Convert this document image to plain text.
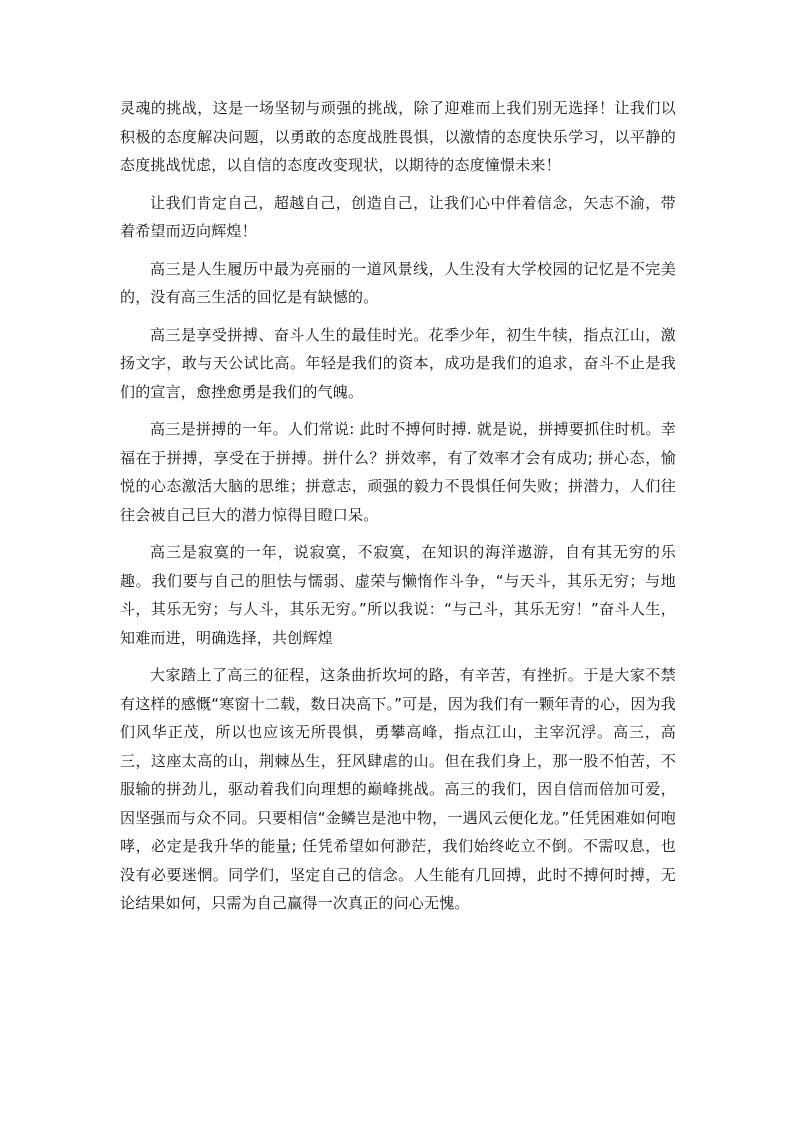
灵魂的挑战，这是一场坚韧与顽强的挑战，除了迎难而上我们别无选择！让我们以积极的态度解决问题，以勇敢的态度战胜畏惧，以激情的态度快乐学习，以平静的态度挑战忧虑，以自信的态度改变现状，以期待的态度憧憬未来！

让我们肯定自己，超越自己，创造自己，让我们心中伴着信念，矢志不渝，带着希望而迈向辉煌！

高三是人生履历中最为亮丽的一道风景线，人生没有大学校园的记忆是不完美的，没有高三生活的回忆是有缺憾的。

高三是享受拼搏、奋斗人生的最佳时光。花季少年，初生牛犊，指点江山，激扬文字，敢与天公试比高。年轻是我们的资本，成功是我们的追求，奋斗不止是我们的宣言，愈挫愈勇是我们的气魄。

高三是拼搏的一年。人们常说: 此时不搏何时搏. 就是说，拼搏要抓住时机。幸福在于拼搏，享受在于拼搏。拼什么？拼效率，有了效率才会有成功; 拼心态，愉悦的心态激活大脑的思维；拼意志，顽强的毅力不畏惧任何失败；拼潜力，人们往往会被自己巨大的潜力惊得目瞪口呆。

高三是寂寞的一年，说寂寞，不寂寞，在知识的海洋遨游，自有其无穷的乐趣。我们要与自己的胆怯与懦弱、虚荣与懒惰作斗争，“与天斗，其乐无穷；与地斗，其乐无穷；与人斗，其乐无穷。”所以我说：“与己斗，其乐无穷！”奋斗人生，知难而进，明确选择，共创辉煌

大家踏上了高三的征程，这条曲折坎坷的路，有辛苦，有挫折。于是大家不禁有这样的感慨“寒窗十二载，数日决高下。”可是，因为我们有一颗年青的心，因为我们风华正茂，所以也应该无所畏惧，勇攀高峰，指点江山，主宰沉浮。高三，高三，这座太高的山，荆棘丛生，狂风肆虐的山。但在我们身上，那一股不怕苦，不服输的拼劲儿，驱动着我们向理想的巅峰挑战。高三的我们，因自信而倍加可爱，因坚强而与众不同。只要相信“金鳞岂是池中物，一遇风云便化龙。”任凭困难如何咆哮，必定是我升华的能量; 任凭希望如何渺茫，我们始终屹立不倒。不需叹息，也没有必要迷惘。同学们，坚定自己的信念。人生能有几回搏，此时不搏何时搏，无论结果如何，只需为自己赢得一次真正的问心无愧。
